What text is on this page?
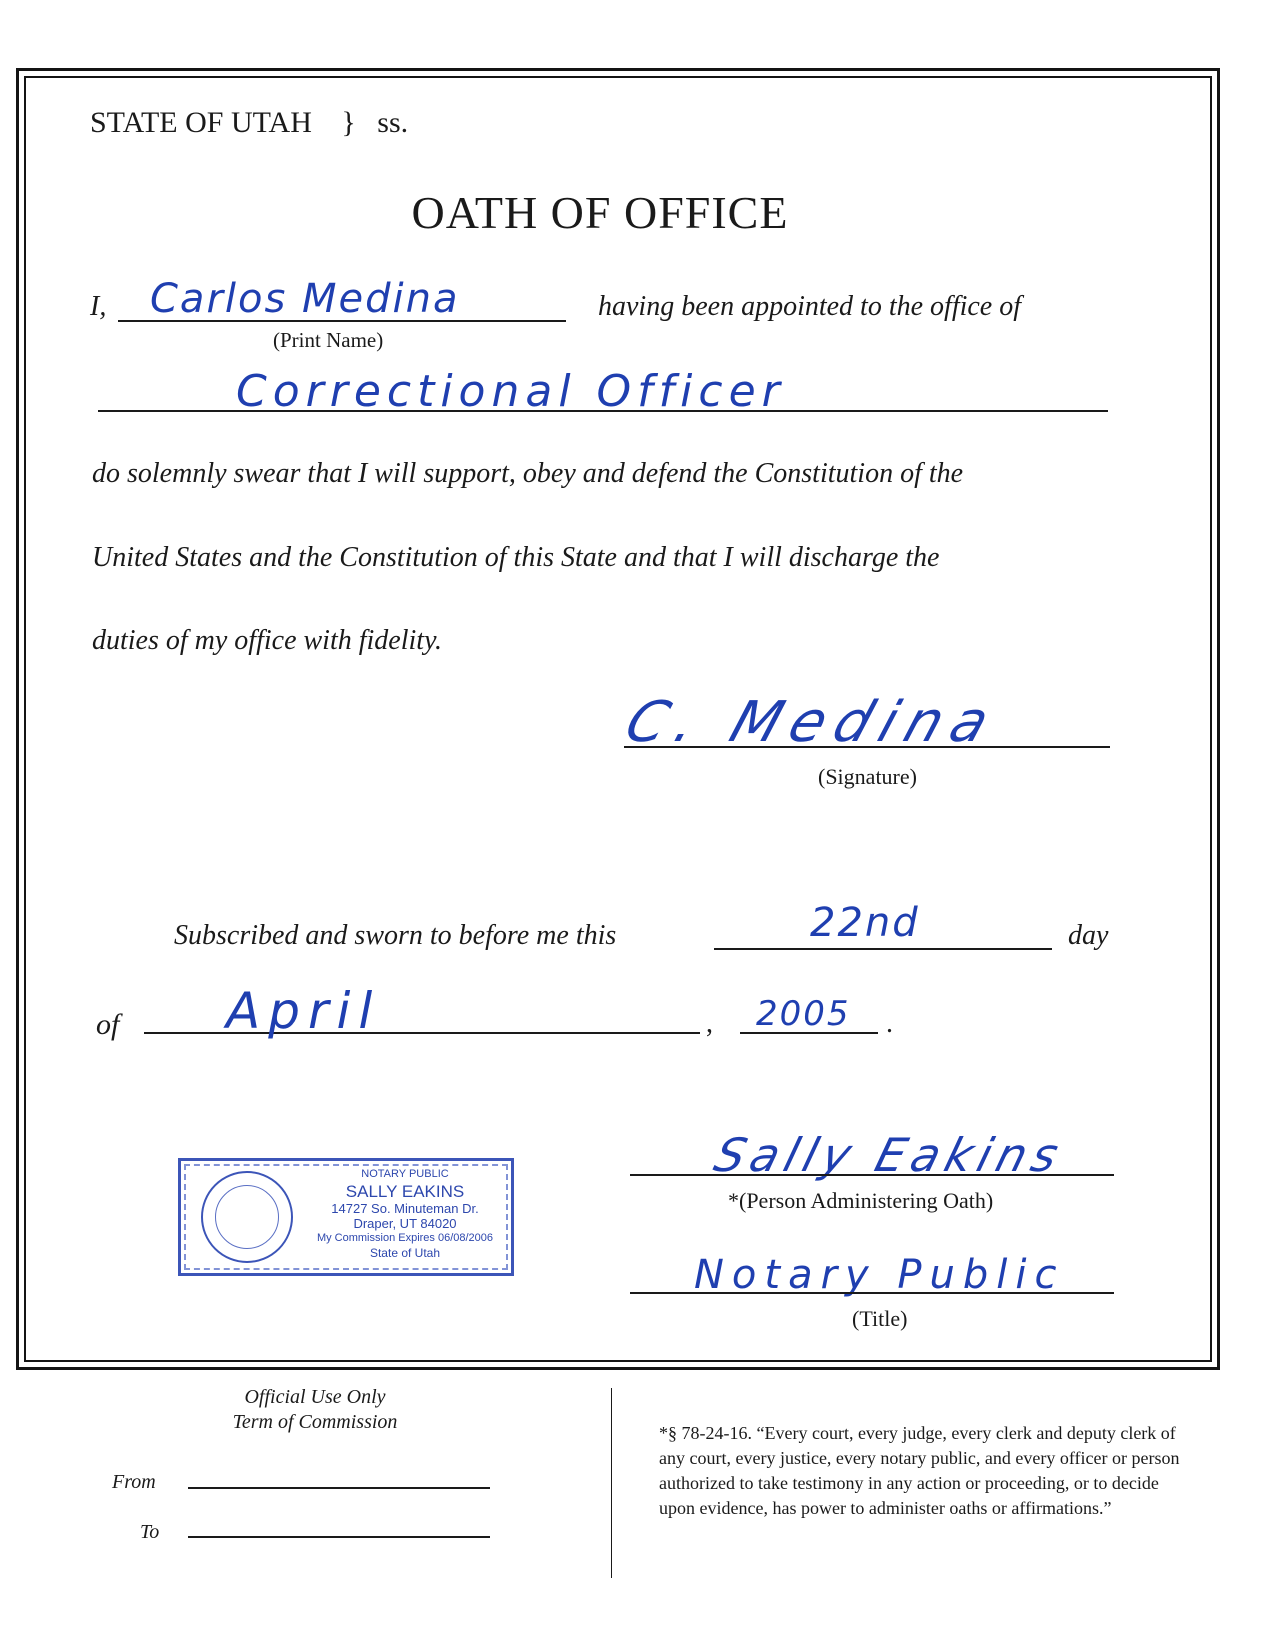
STATE OF UTAH } ss.
OATH OF OFFICE
I, Carlos Medina
(Print Name)
having been appointed to the office of
Correctional Officer
do solemnly swear that I will support, obey and defend the Constitution of the
United States and the Constitution of this State and that I will discharge the
duties of my office with fidelity.
C. Medina
(Signature)
Subscribed and sworn to before me this	22nd	day
of April	, 2005 .
NOTARY PUBLIC
SALLY EAKINS
14727 So. Minuteman Dr.
Draper, UT 84020
My Commission Expires 06/08/2006
State of Utah
Sally Eakins
*(Person Administering Oath)
Notary Public
(Title)
Official Use Only
Term of Commission
From
To
*§ 78-24-16. “Every court, every judge, every clerk and deputy clerk of any court, every justice, every notary public, and every officer or person authorized to take testimony in any action or proceeding, or to decide upon evidence, has power to administer oaths or affirmations.”
